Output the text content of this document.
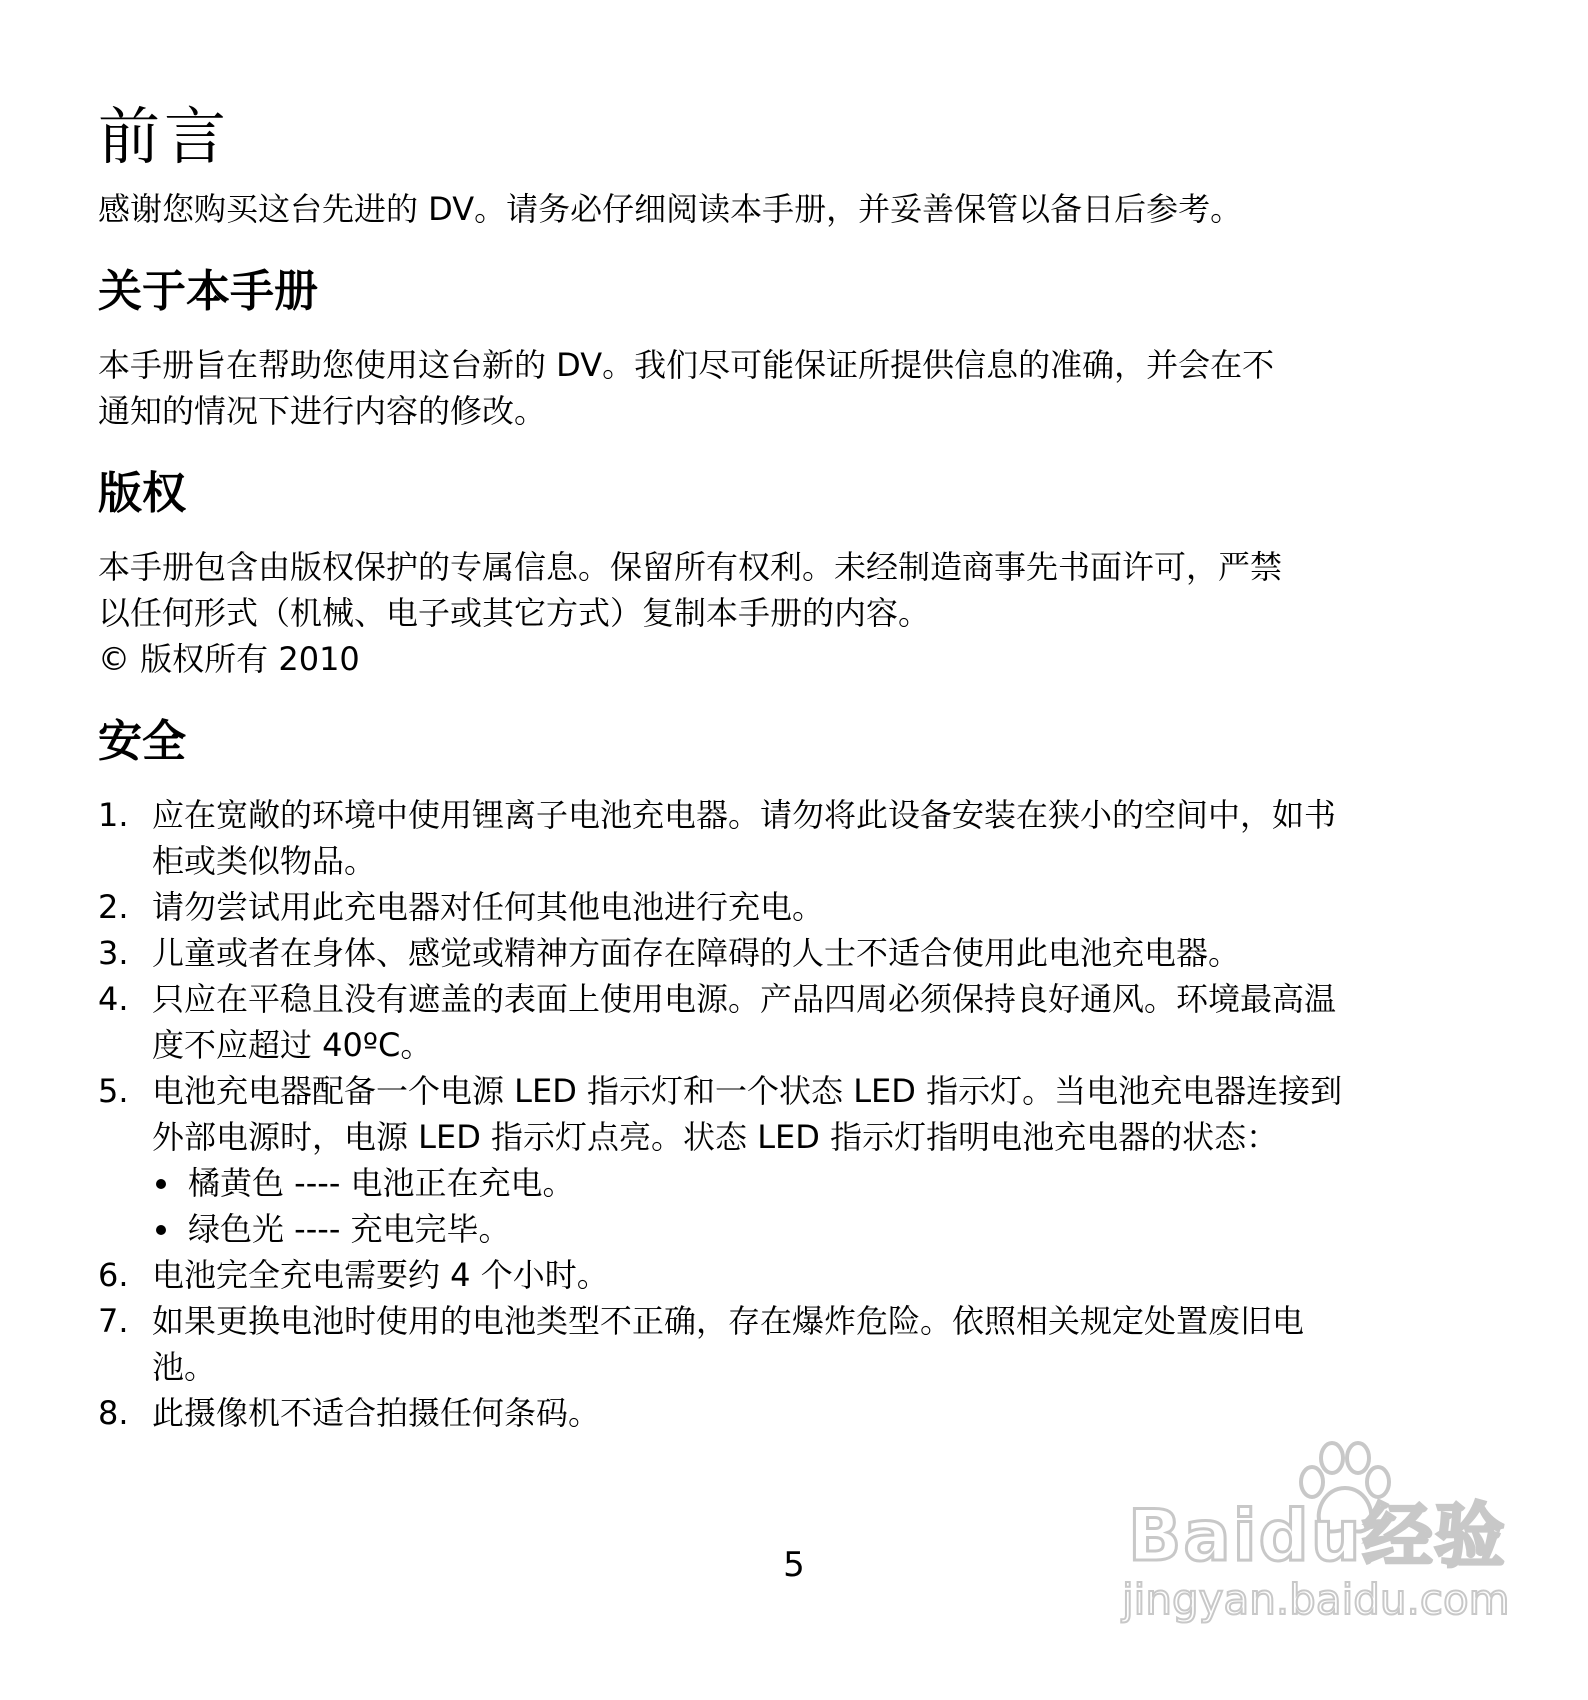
前言

感谢您购买这台先进的 DV。请务必仔细阅读本手册，并妥善保管以备日后参考。

关于本手册

本手册旨在帮助您使用这台新的 DV。我们尽可能保证所提供信息的准确，并会在不

通知的情况下进行内容的修改。

版权

本手册包含由版权保护的专属信息。保留所有权利。未经制造商事先书面许可，严禁

以任何形式（机械、电子或其它方式）复制本手册的内容。

© 版权所有 2010

安全
1. 应在宽敞的环境中使用锂离子电池充电器。请勿将此设备安装在狭小的空间中，如书
柜或类似物品。
2. 请勿尝试用此充电器对任何其他电池进行充电。
3. 儿童或者在身体、感觉或精神方面存在障碍的人士不适合使用此电池充电器。
4. 只应在平稳且没有遮盖的表面上使用电源。产品四周必须保持良好通风。环境最高温
度不应超过 40ºC。
5. 电池充电器配备一个电源 LED 指示灯和一个状态 LED 指示灯。当电池充电器连接到
外部电源时，电源 LED 指示灯点亮。状态 LED 指示灯指明电池充电器的状态：
橘黄色 ---- 电池正在充电。
绿色光 ---- 充电完毕。
6. 电池完全充电需要约 4 个小时。
7. 如果更换电池时使用的电池类型不正确，存在爆炸危险。依照相关规定处置废旧电
池。
8. 此摄像机不适合拍摄任何条码。
Baidu经验
jingyan.baidu.com
5
